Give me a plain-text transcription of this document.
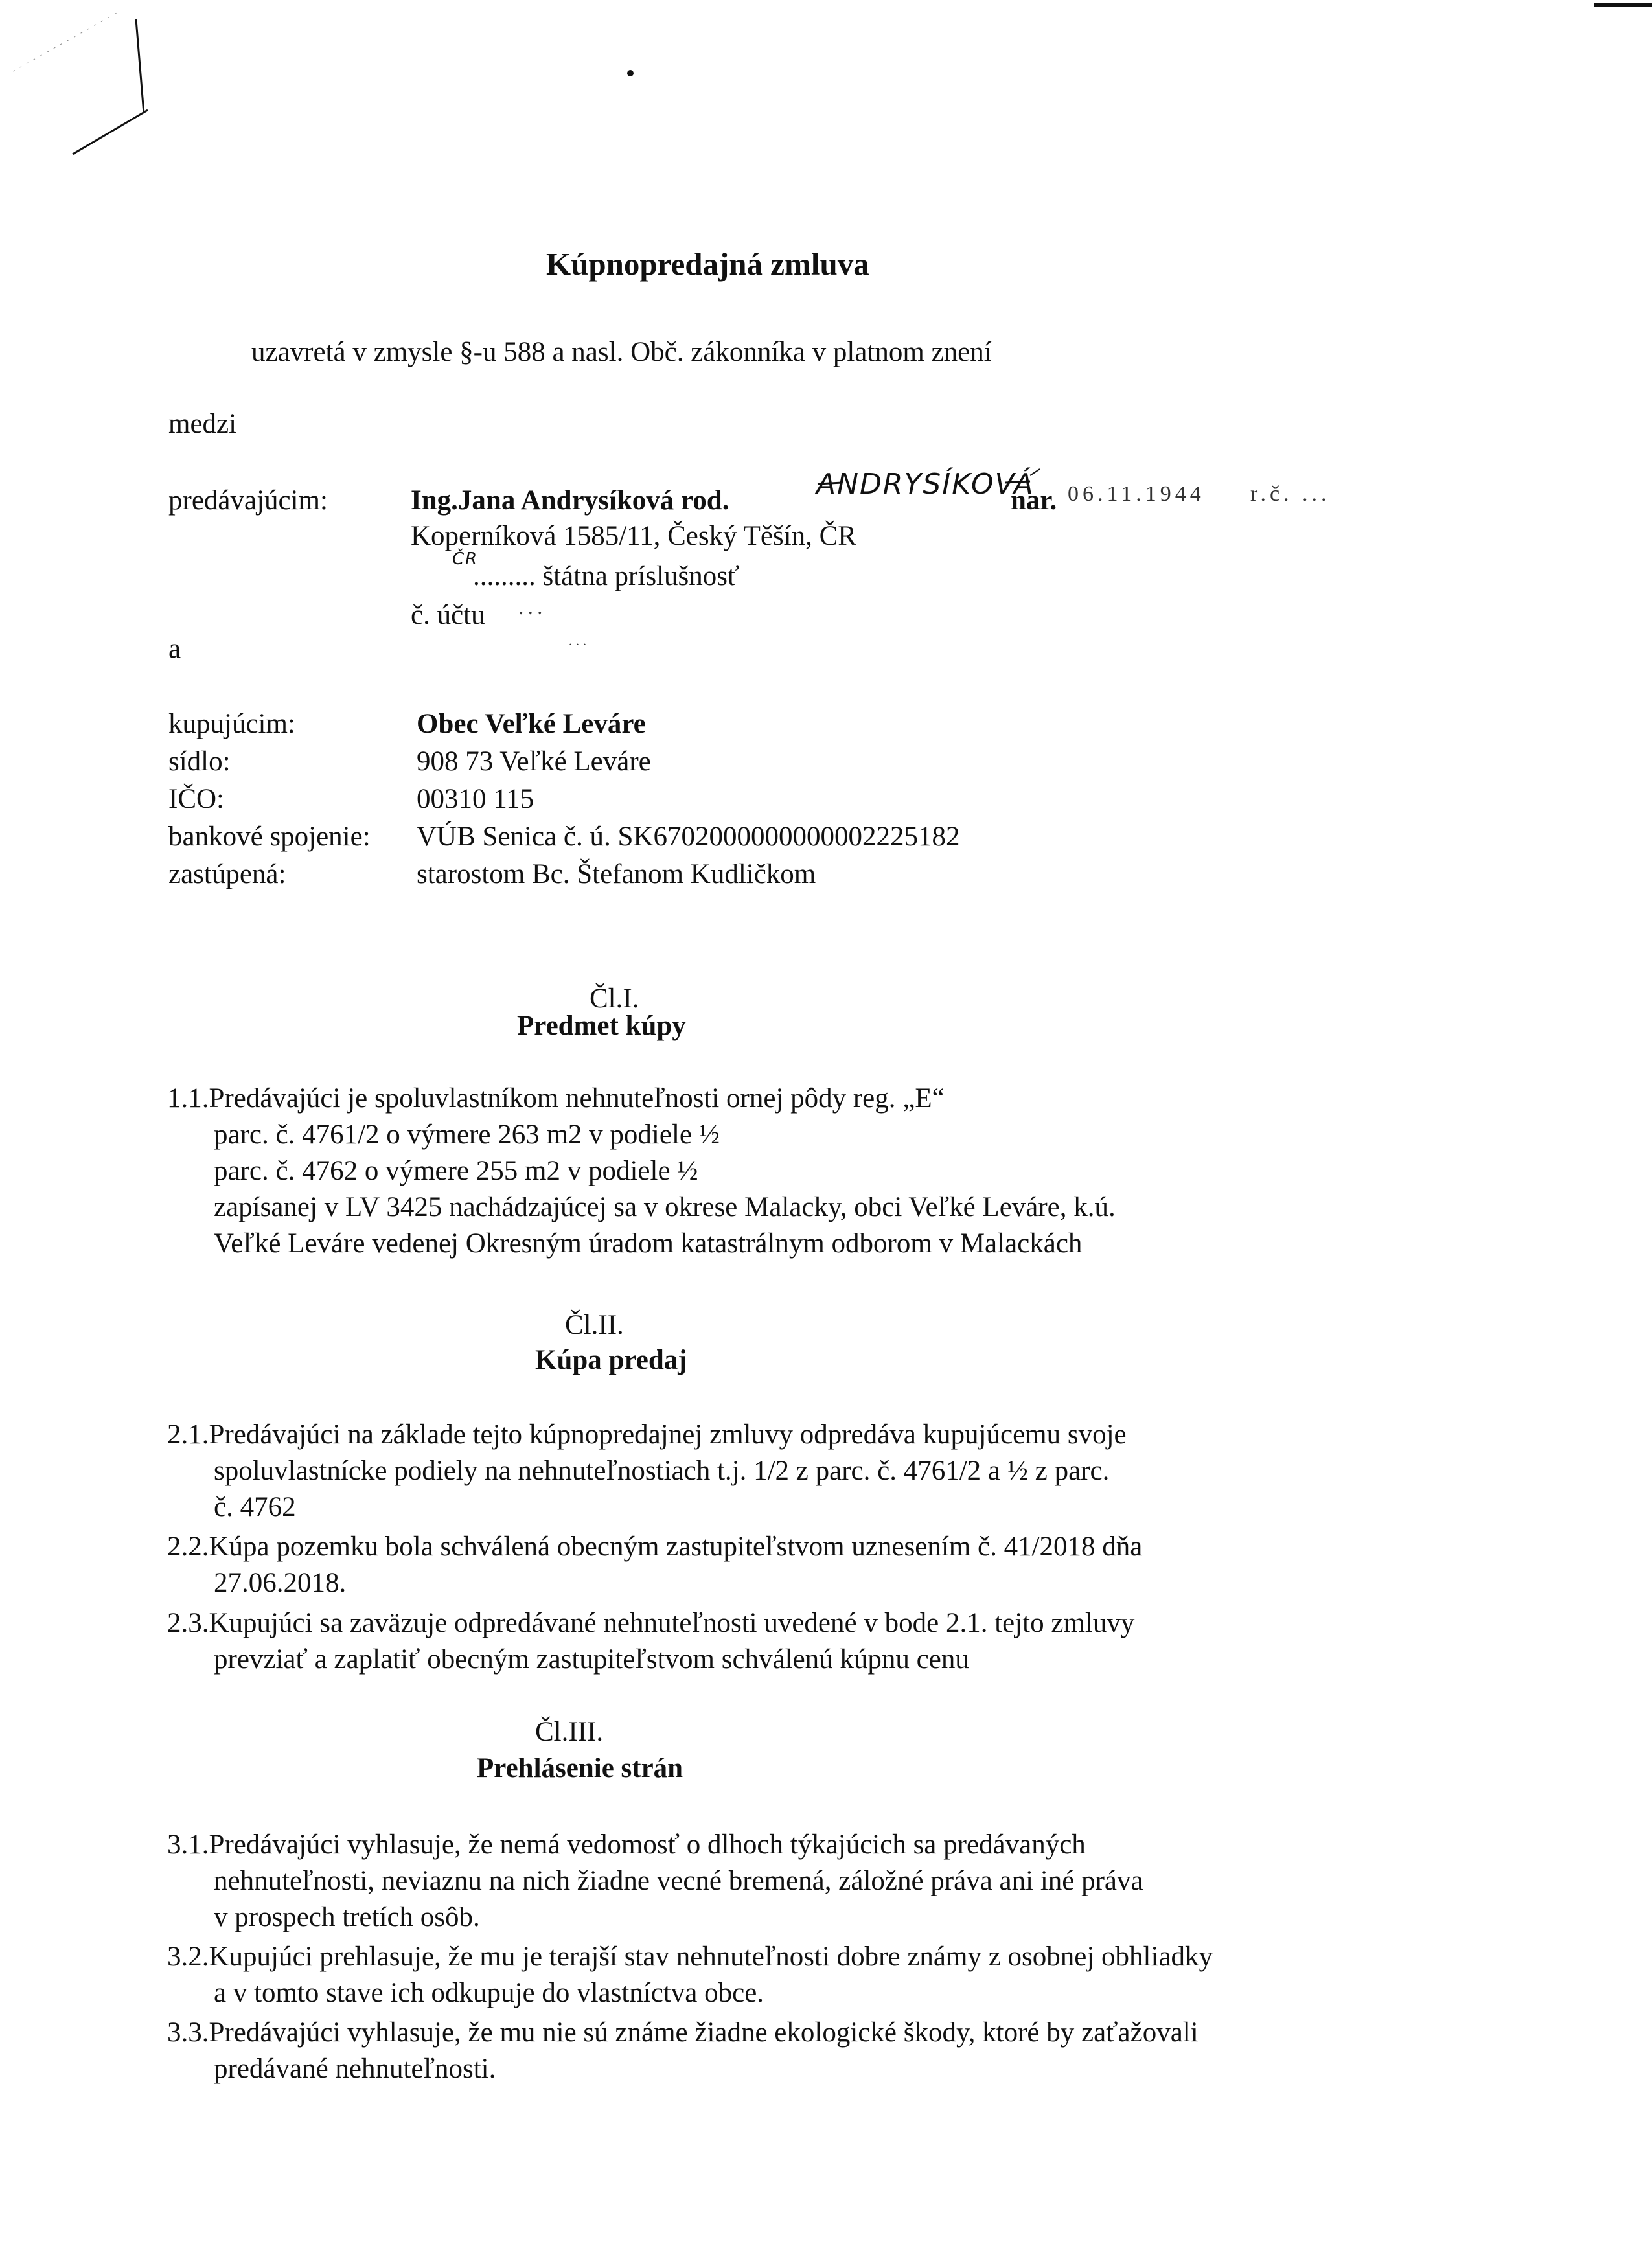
Kúpnopredajná zmluva
uzavretá v zmysle §-u 588 a nasl. Obč. zákonníka v platnom znení
medzi
predávajúcim:	Ing.Jana Andrysíková rod.	ANDRYSÍKOVÁ
nar. 06.11.1944 r.č. ...
Koperníková 1585/11, Český Těšín, ČR
ČR
......... štátna príslušnosť
č. účtu ...
...
a
kupujúcim:	Obec Veľké Leváre
sídlo:	908 73 Veľké Leváre
IČO:	00310 115
bankové spojenie: VÚB Senica č. ú. SK6702000000000002225182
zastúpená:	starostom Bc. Štefanom Kudličkom
Čl.I.
Predmet kúpy
1.1.Predávajúci je spoluvlastníkom nehnuteľnosti ornej pôdy reg. „E“
parc. č. 4761/2 o výmere 263 m2 v podiele ½
parc. č. 4762 o výmere 255 m2 v podiele ½
zapísanej v LV 3425 nachádzajúcej sa v okrese Malacky, obci Veľké Leváre, k.ú.
Veľké Leváre vedenej Okresným úradom katastrálnym odborom v Malackách
Čl.II.
Kúpa predaj
2.1.Predávajúci na základe tejto kúpnopredajnej zmluvy odpredáva kupujúcemu svoje
spoluvlastnícke podiely na nehnuteľnostiach t.j. 1/2 z parc. č. 4761/2 a ½ z parc.
č. 4762
2.2.Kúpa pozemku bola schválená obecným zastupiteľstvom uznesením č. 41/2018 dňa
27.06.2018.
2.3.Kupujúci sa zaväzuje odpredávané nehnuteľnosti uvedené v bode 2.1. tejto zmluvy
prevziať a zaplatiť obecným zastupiteľstvom schválenú kúpnu cenu
Čl.III.
Prehlásenie strán
3.1.Predávajúci vyhlasuje, že nemá vedomosť o dlhoch týkajúcich sa predávaných
nehnuteľnosti, neviaznu na nich žiadne vecné bremená, záložné práva ani iné práva
v prospech tretích osôb.
3.2.Kupujúci prehlasuje, že mu je terajší stav nehnuteľnosti dobre známy z osobnej obhliadky
a v tomto stave ich odkupuje do vlastníctva obce.
3.3.Predávajúci vyhlasuje, že mu nie sú známe žiadne ekologické škody, ktoré by zaťažovali
predávané nehnuteľnosti.
